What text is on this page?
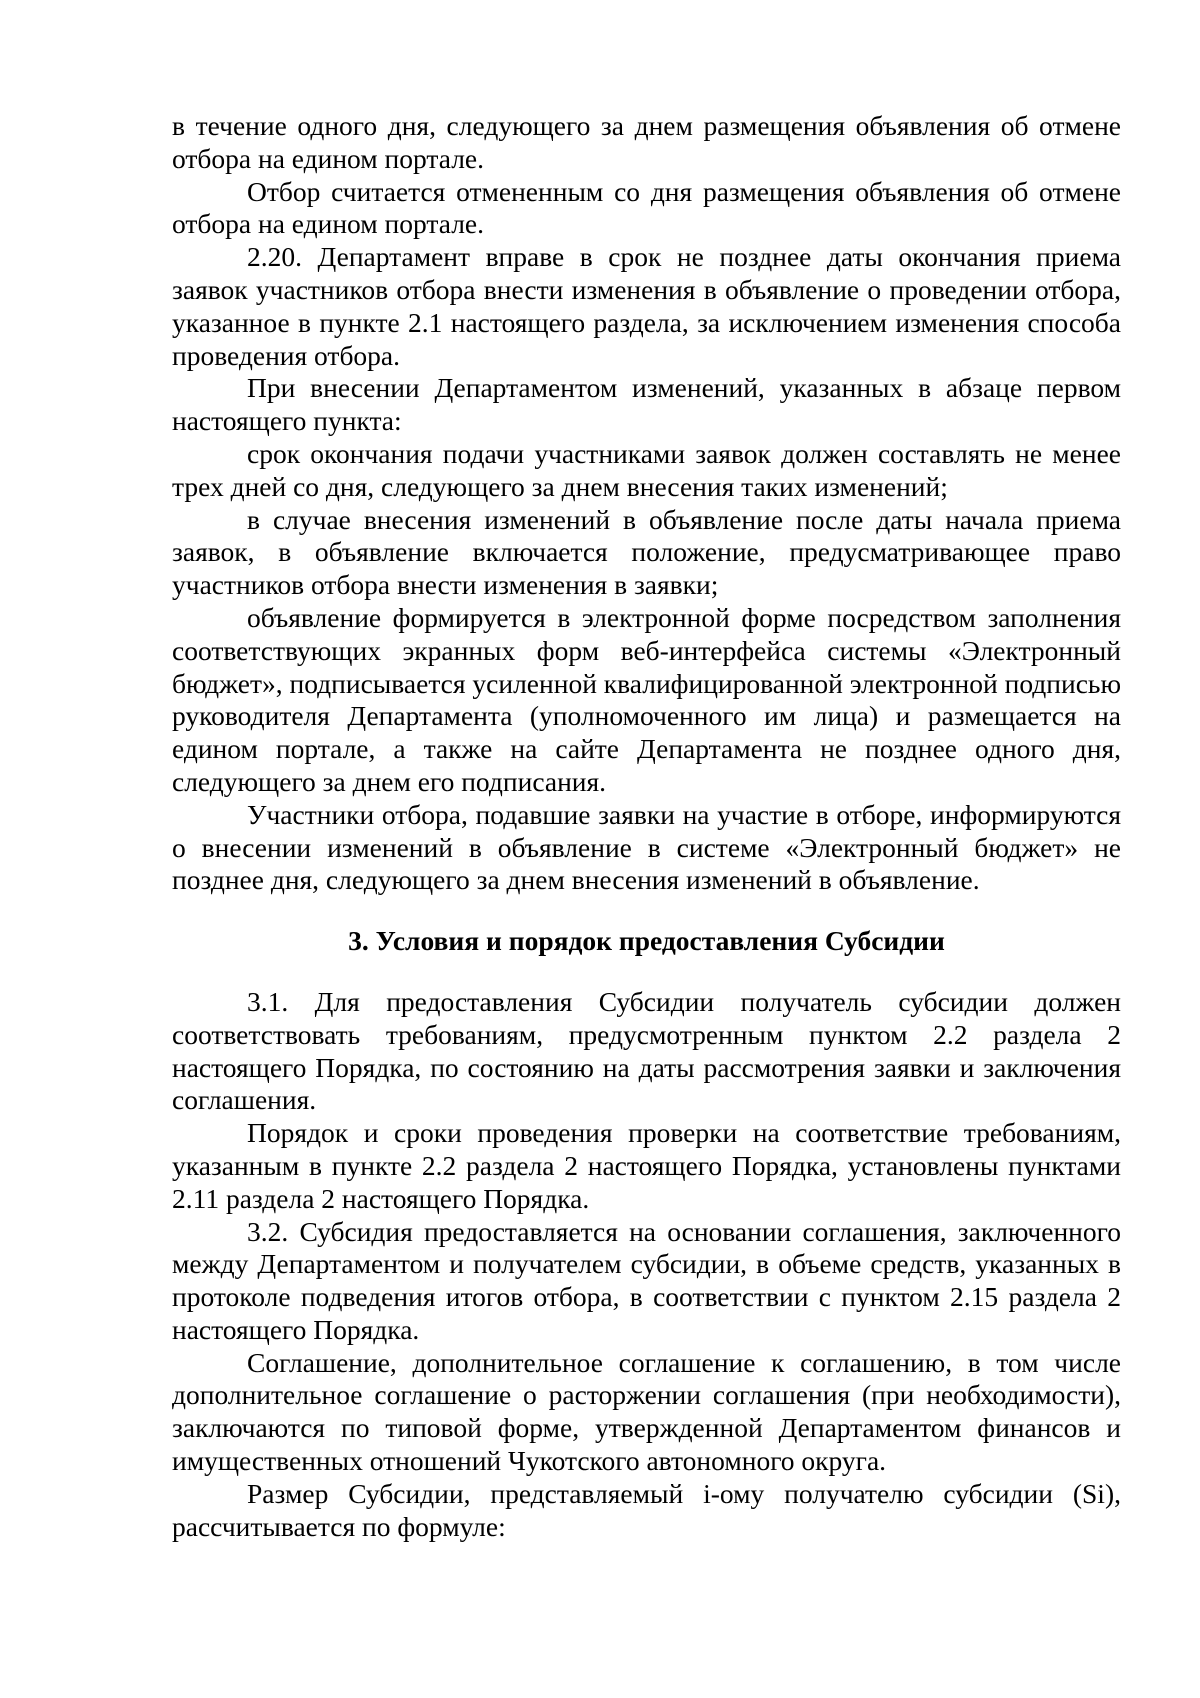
в течение одного дня, следующего за днем размещения объявления об отмене отбора на едином портале.

Отбор считается отмененным со дня размещения объявления об отмене отбора на едином портале.

2.20. Департамент вправе в срок не позднее даты окончания приема заявок участников отбора внести изменения в объявление о проведении отбора, указанное в пункте 2.1 настоящего раздела, за исключением изменения способа проведения отбора.

При внесении Департаментом изменений, указанных в абзаце первом настоящего пункта:

срок окончания подачи участниками заявок должен составлять не менее трех дней со дня, следующего за днем внесения таких изменений;

в случае внесения изменений в объявление после даты начала приема заявок, в объявление включается положение, предусматривающее право участников отбора внести изменения в заявки;

объявление формируется в электронной форме посредством заполнения соответствующих экранных форм веб-интерфейса системы «Электронный бюджет», подписывается усиленной квалифицированной электронной подписью руководителя Департамента (уполномоченного им лица) и размещается на едином портале, а также на сайте Департамента не позднее одного дня, следующего за днем его подписания.

Участники отбора, подавшие заявки на участие в отборе, информируются о внесении изменений в объявление в системе «Электронный бюджет» не позднее дня, следующего за днем внесения изменений в объявление.

3. Условия и порядок предоставления Субсидии

3.1. Для предоставления Субсидии получатель субсидии должен соответствовать требованиям, предусмотренным пунктом 2.2 раздела 2 настоящего Порядка, по состоянию на даты рассмотрения заявки и заключения соглашения.

Порядок и сроки проведения проверки на соответствие требованиям, указанным в пункте 2.2 раздела 2 настоящего Порядка, установлены пунктами 2.11 раздела 2 настоящего Порядка.

3.2. Субсидия предоставляется на основании соглашения, заключенного между Департаментом и получателем субсидии, в объеме средств, указанных в протоколе подведения итогов отбора, в соответствии с пунктом 2.15 раздела 2 настоящего Порядка.

Соглашение, дополнительное соглашение к соглашению, в том числе дополнительное соглашение о расторжении соглашения (при необходимости), заключаются по типовой форме, утвержденной Департаментом финансов и имущественных отношений Чукотского автономного округа.

Размер Субсидии, представляемый i-ому получателю субсидии (Si), рассчитывается по формуле:
